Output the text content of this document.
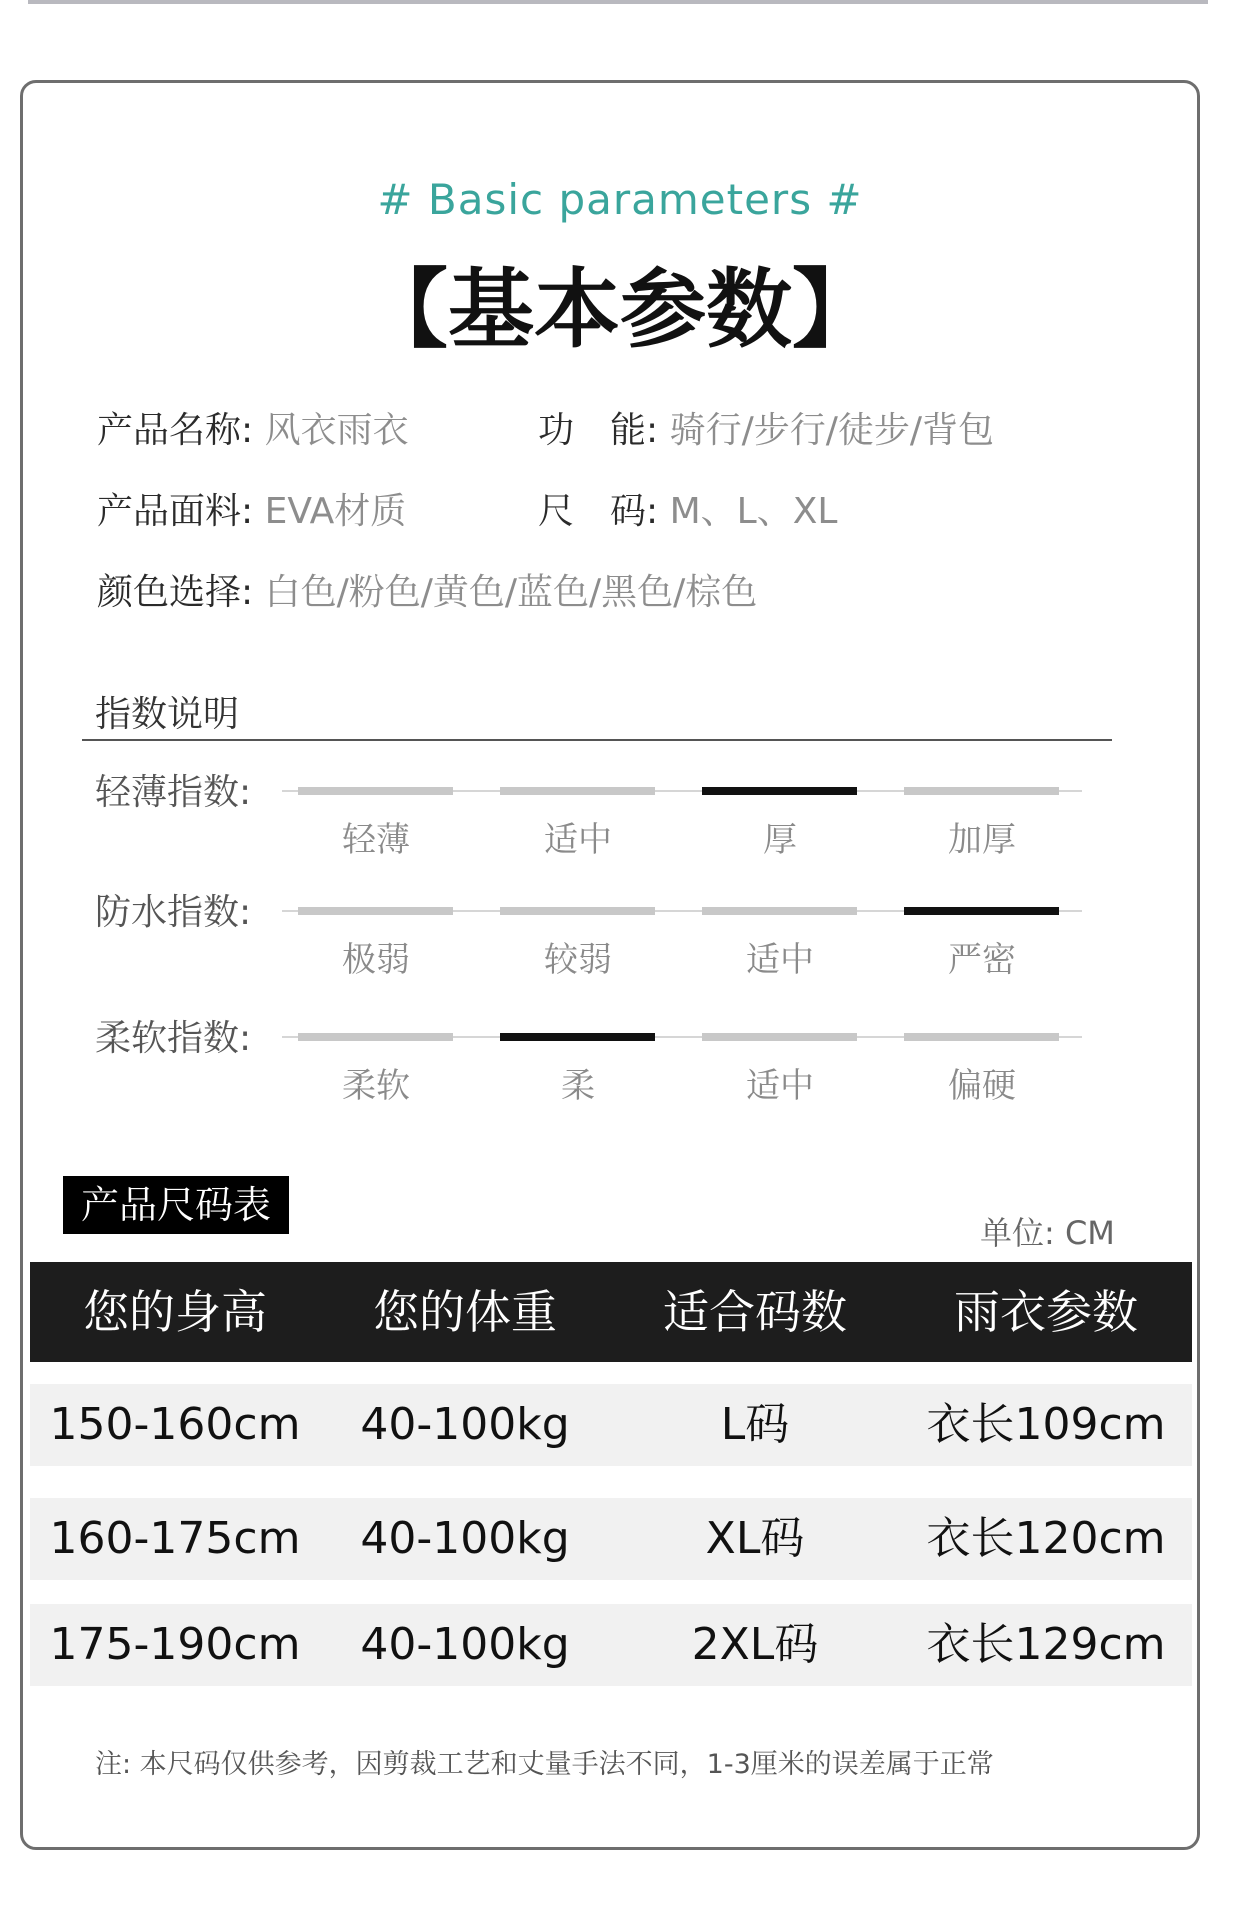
# Basic parameters #
【基本参数】
产品名称: 风衣雨衣	功　能: 骑行/步行/徒步/背包
产品面料: EVA材质	尺　码: M、L、XL
颜色选择: 白色/粉色/黄色/蓝色/黑色/棕色
指数说明
轻薄指数:
轻薄	适中	厚	加厚
防水指数:
极弱	较弱	适中	严密
柔软指数:
柔软	柔	适中	偏硬
产品尺码表
单位: CM
您的身高	您的体重	适合码数	雨衣参数
150-160cm	40-100kg	L码	衣长109cm
160-175cm	40-100kg	XL码	衣长120cm
175-190cm	40-100kg	2XL码	衣长129cm
注: 本尺码仅供参考，因剪裁工艺和丈量手法不同，1-3厘米的误差属于正常
